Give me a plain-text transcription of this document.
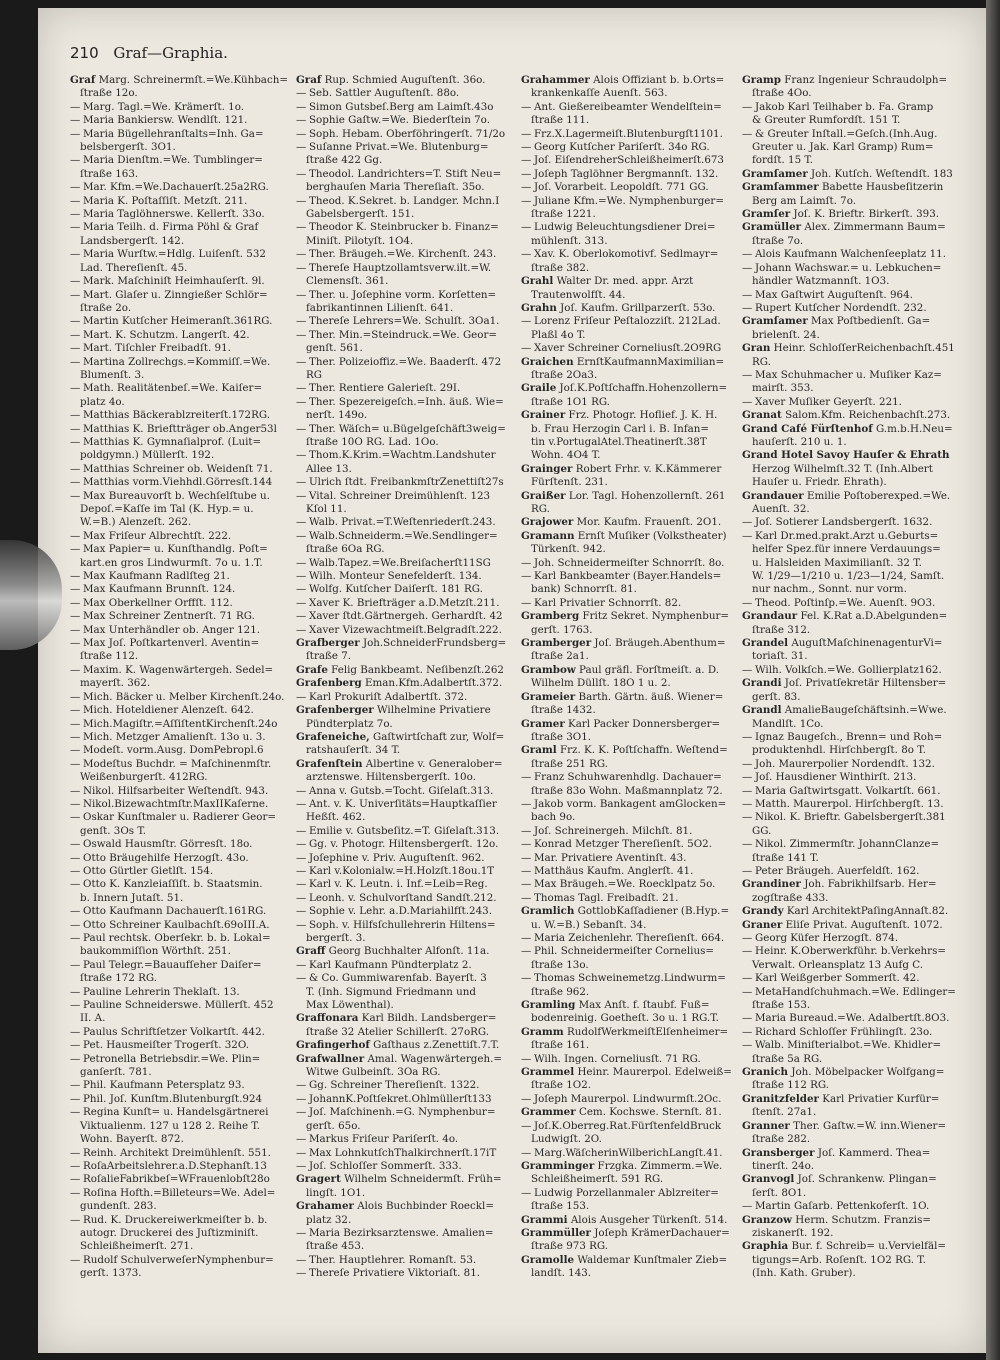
210 Graf—Graphia.
Graf Marg. Schreinermſt.=We.Kühbach=
ſtraße 12o.
— Marg. Tagl.=We. Krämerſt. 1o.
— Maria Bankiersw. Wendlſt. 121.
— Maria Bügellehranſtalts=Inh. Ga=
belsbergerſt. 3O1.
— Maria Dienſtm.=We. Tumblinger=
ſtraße 163.
— Mar. Kfm.=We.Dachauerſt.25a2RG.
— Maria K. Poſtaſſiſt. Metzſt. 211.
— Maria Taglöhnerswe. Kellerſt. 33o.
— Maria Teilh. d. Firma Pöhl & Graf
Landsbergerſt. 142.
— Maria Wurſtw.=Hdlg. Luiſenſt. 532
Lad. Thereſienſt. 45.
— Mark. Maſchiniſt Heimhauſerſt. 9l.
— Mart. Glaſer u. Zinngießer Schlör=
ſtraße 2o.
— Martin Kutſcher Heimeranſt.361RG.
— Mart. K. Schutzm. Langerſt. 42.
— Mart. Tiſchler Freibadſt. 91.
— Martina Zollrechgs.=Kommiſſ.=We.
Blumenſt. 3.
— Math. Realitätenbeſ.=We. Kaiſer=
platz 4o.
— Matthias Bäckerablzreiterſt.172RG.
— Matthias K. Brieftträger ob.Anger53l
— Matthias K. Gymnaſialprof. (Luit=
poldgymn.) Müllerſt. 192.
— Matthias Schreiner ob. Weidenſt 71.
— Matthias vorm.Viehhdl.Görresſt.144
— Max Bureauvorſt b. Wechſelſtube u.
Depoſ.=Kaſſe im Tal (K. Hyp.= u.
W.=B.) Alenzeſt. 262.
— Max Friſeur Albrechtſt. 222.
— Max Papier= u. Kunſthandlg. Poſt=
kart.en gros Lindwurmſt. 7o u. 1.T.
— Max Kaufmann Radlſteg 21.
— Max Kaufmann Brunnſt. 124.
— Max Oberkellner Orffſt. 112.
— Max Schreiner Zentnerſt. 71 RG.
— Max Unterhändler ob. Anger 121.
— Max Joſ. Poſtkartenverl. Aventin=
ſtraße 112.
— Maxim. K. Wagenwärtergeh. Sedel=
mayerſt. 362.
— Mich. Bäcker u. Melber Kirchenſt.24o.
— Mich. Hoteldiener Alenzeſt. 642.
— Mich.Magiſtr.=AſſiſtentKirchenſt.24o
— Mich. Metzger Amalienſt. 13o u. 3.
— Modeſt. vorm.Ausg. DomPebropl.6
— Modeſtus Buchdr. = Maſchinenmſtr.
Weißenburgerſt. 412RG.
— Nikol. Hilfsarbeiter Weſtendſt. 943.
— Nikol.Bizewachtmſtr.MaxIIKaſerne.
— Oskar Kunſtmaler u. Radierer Geor=
genſt. 3Os T.
— Oswald Hausmſtr. Görresſt. 18o.
— Otto Bräugehilfe Herzogſt. 43o.
— Otto Gürtler Gietlſt. 154.
— Otto K. Kanzleiaſſiſt. b. Staatsmin.
b. Innern Jutaſt. 51.
— Otto Kaufmann Dachauerſt.161RG.
— Otto Schreiner Kaulbachſt.69oIII.A.
— Paul rechtsk. Oberſekr. b. b. Lokal=
baukommiſſion Wörthſt. 251.
— Paul Telegr.=Bauaufſeher Daiſer=
ſtraße 172 RG.
— Pauline Lehrerin Theklaſt. 13.
— Pauline Schneiderswe. Müllerſt. 452
II. A.
— Paulus Schriftſetzer Volkartſt. 442.
— Pet. Hausmeiſter Trogerſt. 32O.
— Petronella Betriebsdir.=We. Plin=
ganſerſt. 781.
— Phil. Kaufmann Petersplatz 93.
— Phil. Joſ. Kunſtm.Blutenburgſt.924
— Regina Kunſt= u. Handelsgärtnerei
Viktualienm. 127 u 128 2. Reihe T.
Wohn. Bayerſt. 872.
— Reinh. Architekt Dreimühlenſt. 551.
— RoſaArbeitslehrer.a.D.Stephanſt.13
— RoſalieFabrikbeſ=WFrauenlobſt28o
— Roſina Hofth.=Billeteurs=We. Adel=
gundenſt. 283.
— Rud. K. Druckereiwerkmeiſter b. b.
autogr. Druckerei des Juſtizminiſt.
Schleißheimerſt. 271.
— Rudolf SchulverweſerNymphenbur=
gerſt. 1373.
Graf Rup. Schmied Auguſtenſt. 36o.
— Seb. Sattler Auguſtenſt. 88o.
— Simon Gutsbeſ.Berg am Laimſt.43o
— Sophie Gaſtw.=We. Biederſtein 7o.
— Soph. Hebam. Oberföhringerſt. 71/2o
— Suſanne Privat.=We. Blutenburg=
ſtraße 422 Gg.
— Theodol. Landrichters=T. Stift Neu=
berghauſen Maria Thereſiaſt. 35o.
— Theod. K.Sekret. b. Landger. Mchn.I
Gabelsbergerſt. 151.
— Theodor K. Steinbrucker b. Finanz=
Miniſt. Pilotyſt. 1O4.
— Ther. Bräugeh.=We. Kirchenſt. 243.
— Thereſe Hauptzollamtsverw.ilt.=W.
Clemensſt. 361.
— Ther. u. Joſephine vorm. Korſetten=
fabrikantinnen Lilienſt. 641.
— Thereſe Lehrers=We. Schulſt. 3Oa1.
— Ther. Min.=Steindruck.=We. Geor=
genſt. 561.
— Ther. Polizeioffiz.=We. Baaderſt. 472
RG
— Ther. Rentiere Galerieſt. 29I.
— Ther. Spezereigeſch.=Inh. äuß. Wie=
nerſt. 149o.
— Ther. Wäſch= u.Bügelgeſchäft3weig=
ſtraße 10O RG. Lad. 1Oo.
— Thom.K.Krim.=Wachtm.Landshuter
Allee 13.
— Ulrich ſtdt. FreibankmſtrZenettiſt27s
— Vital. Schreiner Dreimühlenſt. 123
Kſol 11.
— Walb. Privat.=T.Weſtenriederſt.243.
— Walb.Schneiderm.=We.Sendlinger=
ſtraße 6Oa RG.
— Walb.Tapez.=We.Breiſacherſt11SG
— Wilh. Monteur Senefelderſt. 134.
— Wolfg. Kutſcher Daiſerſt. 181 RG.
— Xaver K. Briefträger a.D.Metzſt.211.
— Xaver ſtdt.Gärtnergeh. Gerhardſt. 42
— Xaver Vizewachtmeiſt.Belgradſt.222.
Grafberger Joh.SchneiderFrundsberg=
ſtraße 7.
Grafe Felig Bankbeamt. Neſibenzſt.262
Grafenberg Eman.Kfm.Adalbertſt.372.
— Karl Prokuriſt Adalbertſt. 372.
Grafenberger Wilhelmine Privatiere
Pündterplatz 7o.
Grafeneiche, Gaſtwirtſchaft zur, Wolf=
ratshauſerſt. 34 T.
Grafenſtein Albertine v. Generalober=
arztenswe. Hiltensbergerſt. 10o.
— Anna v. Gutsb.=Tocht. Giſelaſt.313.
— Ant. v. K. Univerſitäts=Hauptkaſſier
Heßſt. 462.
— Emilie v. Gutsbeſitz.=T. Giſelaſt.313.
— Gg. v. Photogr. Hiltensbergerſt. 12o.
— Joſephine v. Priv. Auguſtenſt. 962.
— Karl v.Kolonialw.=H.Holzſt.18ou.1T
— Karl v. K. Leutn. i. Inf.=Leib=Reg.
— Leonh. v. Schulvorſtand Sandſt.212.
— Sophie v. Lehr. a.D.Mariahilfſt.243.
— Soph. v. Hilfsſchullehrerin Hiltens=
bergerſt. 3.
Graff Georg Buchhalter Alfonſt. 11a.
— Karl Kaufmann Pündterplatz 2.
— & Co. Gummiwarenfab. Bayerſt. 3
T. (Inh. Sigmund Friedmann und
Max Löwenthal).
Graffonara Karl Bildh. Landsberger=
ſtraße 32 Atelier Schillerſt. 27oRG.
Grafingerhof Gaſthaus z.Zenettiſt.7.T.
Grafwallner Amal. Wagenwärtergeh.=
Witwe Gulbeinſt. 3Oa RG.
— Gg. Schreiner Thereſienſt. 1322.
— JohannK.Poſtſekret.Ohlmüllerſt133
— Joſ. Maſchinenh.=G. Nymphenbur=
gerſt. 65o.
— Markus Friſeur Pariſerſt. 4o.
— Max LohnkutſchThalkirchnerſt.17iT
— Joſ. Schloſſer Sommerſt. 333.
Gragert Wilhelm Schneidermſt. Früh=
lingſt. 1O1.
Grahamer Alois Buchbinder Roeckl=
platz 32.
— Maria Bezirksarztenswe. Amalien=
ſtraße 453.
— Ther. Hauptlehrer. Romanſt. 53.
— Thereſe Privatiere Viktoriaſt. 81.
Grahammer Alois Offiziant b. b.Orts=
krankenkaſſe Auenſt. 563.
— Ant. Gießereibeamter Wendelſtein=
ſtraße 111.
— Frz.X.Lagermeiſt.Blutenburgſt1101.
— Georg Kutſcher Pariſerſt. 34o RG.
— Joſ. EiſendreherSchleißheimerſt.673
— Joſeph Taglöhner Bergmannſt. 132.
— Joſ. Vorarbeit. Leopoldſt. 771 GG.
— Juliane Kfm.=We. Nymphenburger=
ſtraße 1221.
— Ludwig Beleuchtungsdiener Drei=
mühlenſt. 313.
— Xav. K. Oberlokomotivf. Sedlmayr=
ſtraße 382.
Grahl Walter Dr. med. appr. Arzt
Trautenwolfſt. 44.
Grahn Joſ. Kaufm. Grillparzerſt. 53o.
— Lorenz Friſeur Peſtalozziſt. 212Lad.
Plaßl 4o T.
— Xaver Schreiner Corneliusſt.2O9RG
Graichen ErnſtKaufmannMaximilian=
ſtraße 2Oa3.
Graile Joſ.K.Poſtſchaffn.Hohenzollern=
ſtraße 1O1 RG.
Grainer Frz. Photogr. Hoflief. J. K. H.
b. Frau Herzogin Carl i. B. Infan=
tin v.PortugalAtel.Theatinerſt.38T
Wohn. 4O4 T.
Grainger Robert Frhr. v. K.Kämmerer
Fürſtenſt. 231.
Graißer Lor. Tagl. Hohenzollernſt. 261
RG.
Grajower Mor. Kaufm. Frauenſt. 2O1.
Gramann Ernſt Muſiker (Volkstheater)
Türkenſt. 942.
— Joh. Schneidermeiſter Schnorrſt. 8o.
— Karl Bankbeamter (Bayer.Handels=
bank) Schnorrſt. 81.
— Karl Privatier Schnorrſt. 82.
Gramberg Fritz Sekret. Nymphenbur=
gerſt. 1763.
Gramberger Joſ. Bräugeh.Abenthum=
ſtraße 2a1.
Grambow Paul gräfl. Forſtmeiſt. a. D.
Wilhelm Düllſt. 18O 1 u. 2.
Grameier Barth. Gärtn. äuß. Wiener=
ſtraße 1432.
Gramer Karl Packer Donnersberger=
ſtraße 3O1.
Graml Frz. K. K. Poſtſchaffn. Weſtend=
ſtraße 251 RG.
— Franz Schuhwarenhdlg. Dachauer=
ſtraße 83o Wohn. Maßmannplatz 72.
— Jakob vorm. Bankagent amGlocken=
bach 9o.
— Joſ. Schreinergeh. Milchſt. 81.
— Konrad Metzger Thereſienſt. 5O2.
— Mar. Privatiere Aventinſt. 43.
— Matthäus Kaufm. Anglerſt. 41.
— Max Bräugeh.=We. Roecklpatz 5o.
— Thomas Tagl. Freibadſt. 21.
Gramlich GottlobKaſſadiener (B.Hyp.=
u. W.=B.) Sebanſt. 34.
— Maria Zeichenlehr. Thereſienſt. 664.
— Phil. Schneidermeiſter Cornelius=
ſtraße 13o.
— Thomas Schweinemetzg.Lindwurm=
ſtraße 962.
Gramling Max Anſt. f. ſtaubf. Fuß=
bodenreinig. Goetheſt. 3o u. 1 RG.T.
Gramm RudolfWerkmeiſtElſenheimer=
ſtraße 161.
— Wilh. Ingen. Corneliusſt. 71 RG.
Grammel Heinr. Maurerpol. Edelweiß=
ſtraße 1O2.
— Joſeph Maurerpol. Lindwurmſt.2Oc.
Grammer Cem. Kochswe. Sternſt. 81.
— Joſ.K.Oberreg.Rat.FürſtenfeldBruck
Ludwigſt. 2O.
— Marg.WäſcherinWilberichLangſt.41.
Gramminger Frzgka. Zimmerm.=We.
Schleißheimerſt. 591 RG.
— Ludwig Porzellanmaler Ablzreiter=
ſtraße 153.
Grammi Alois Ausgeher Türkenſt. 514.
Grammüller Joſeph KrämerDachauer=
ſtraße 973 RG.
Gramolle Waldemar Kunſtmaler Zieb=
landſt. 143.
Gramp Franz Ingenieur Schraudolph=
ſtraße 4Oo.
— Jakob Karl Teilhaber b. Fa. Gramp
& Greuter Rumfordſt. 151 T.
— & Greuter Inſtall.=Geſch.(Inh.Aug.
Greuter u. Jak. Karl Gramp) Rum=
fordſt. 15 T.
Gramſamer Joh. Kutſch. Weſtendſt. 183
Gramſammer Babette Hausbeſitzerin
Berg am Laimſt. 7o.
Gramſer Joſ. K. Brieftr. Birkerſt. 393.
Gramüller Alex. Zimmermann Baum=
ſtraße 7o.
— Alois Kaufmann Walchenſeeplatz 11.
— Johann Wachswar.= u. Lebkuchen=
händler Watzmannſt. 1O3.
— Max Gaſtwirt Auguſtenſt. 964.
— Rupert Kutſcher Nordendſt. 232.
Gramſamer Max Poſtbedienſt. Ga=
brielenſt. 24.
Gran Heinr. SchloſſerReichenbachſt.451
RG.
— Max Schuhmacher u. Muſiker Kaz=
mairſt. 353.
— Xaver Muſiker Geyerſt. 221.
Granat Salom.Kfm. Reichenbachſt.273.
Grand Café Fürſtenhof G.m.b.H.Neu=
hauſerſt. 210 u. 1.
Grand Hotel Savoy Hauſer & Ehrath
Herzog Wilhelmſt.32 T. (Inh.Albert
Hauſer u. Friedr. Ehrath).
Grandauer Emilie Poſtoberexped.=We.
Auenſt. 32.
— Joſ. Sotierer Landsbergerſt. 1632.
— Karl Dr.med.prakt.Arzt u.Geburts=
helfer Spez.für innere Verdauungs=
u. Halsleiden Maximilianſt. 32 T.
W. 1/29—1/210 u. 1/23—1/24, Samſt.
nur nachm., Sonnt. nur vorm.
— Theod. Poſtinſp.=We. Auenſt. 9O3.
Grandaur Fel. K.Rat a.D.Abelgunden=
ſtraße 312.
Grandel AuguſtMaſchinenagenturVi=
toriaſt. 31.
— Wilh. Volkſch.=We. Gollierplatz162.
Grandi Joſ. Privatſekretär Hiltensber=
gerſt. 83.
Grandl AmalieBaugeſchäftsinh.=Wwe.
Mandlſt. 1Co.
— Ignaz Baugeſch., Brenn= und Roh=
produktenhdl. Hirſchbergſt. 8o T.
— Joh. Maurerpolier Nordendſt. 132.
— Joſ. Hausdiener Winthirſt. 213.
— Maria Gaſtwirtsgatt. Volkartſt. 661.
— Matth. Maurerpol. Hirſchbergſt. 13.
— Nikol. K. Brieftr. Gabelsbergerſt.381
GG.
— Nikol. Zimmermſtr. JohannClanze=
ſtraße 141 T.
— Peter Bräugeh. Auerfeldſt. 162.
Grandiner Joh. Fabrikhilfsarb. Her=
zogſtraße 433.
Grandy Karl ArchitektPaſingAnnaſt.82.
Graner Eliſe Privat. Auguſtenſt. 1072.
— Georg Küfer Herzogſt. 874.
— Heinr. K.Oberwerkführ. b.Verkehrs=
Verwalt. Orleansplatz 13 Aufg C.
— Karl Weißgerber Sommerſt. 42.
— MetaHandſchuhmach.=We. Edlinger=
ſtraße 153.
— Maria Bureaud.=We. Adalbertſt.8O3.
— Richard Schloſſer Frühlingſt. 23o.
— Walb. Miniſterialbot.=We. Khidler=
ſtraße 5a RG.
Granich Joh. Möbelpacker Wolfgang=
ſtraße 112 RG.
Granitzfelder Karl Privatier Kurfür=
ſtenſt. 27a1.
Granner Ther. Gaſtw.=W. inn.Wiener=
ſtraße 282.
Gransberger Joſ. Kammerd. Thea=
tinerſt. 24o.
Granvogl Joſ. Schrankenw. Plingan=
ſerſt. 8O1.
— Martin Gaſarb. Pettenkoferſt. 1O.
Granzow Herm. Schutzm. Franzis=
ziskanerſt. 192.
Graphia Bur. f. Schreib= u.Vervielfäl=
tigungs=Arb. Roſenſt. 1O2 RG. T.
(Inh. Kath. Gruber).
